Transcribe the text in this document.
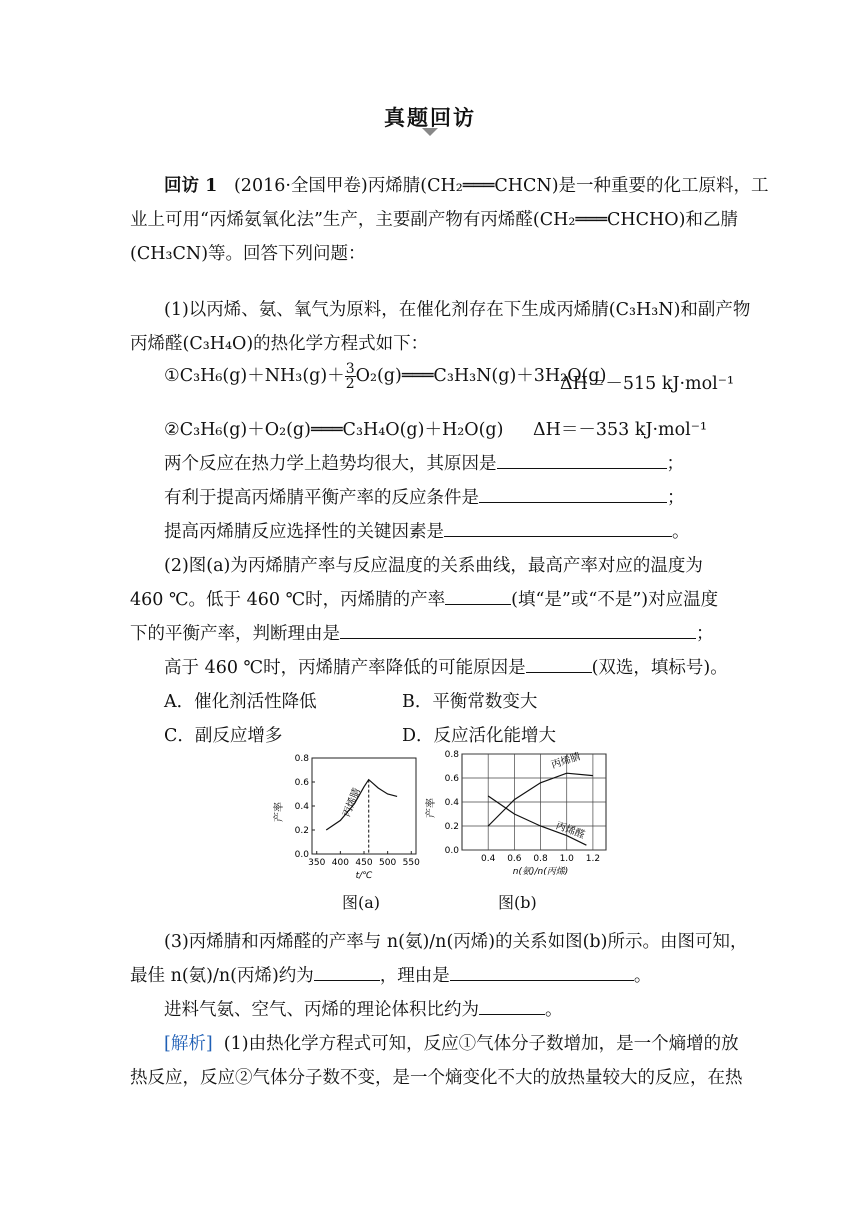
真题回访
回访 1 (2016·全国甲卷)丙烯腈(CH₂═══CHCN)是一种重要的化工原料，工
业上可用“丙烯氨氧化法”生产，主要副产物有丙烯醛(CH₂═══CHCHO)和乙腈
(CH₃CN)等。回答下列问题：
(1)以丙烯、氨、氧气为原料，在催化剂存在下生成丙烯腈(C₃H₃N)和副产物
丙烯醛(C₃H₄O)的热化学方程式如下：
①C₃H₆(g)＋NH₃(g)＋ $\frac{3}{2}$ O₂(g)═══C₃H₃N(g)＋3H₂O(g)
ΔH＝－515 kJ·mol⁻¹
②C₃H₆(g)＋O₂(g)═══C₃H₄O(g)＋H₂O(g) ΔH＝－353 kJ·mol⁻¹
两个反应在热力学上趋势均很大，其原因是	；
有利于提高丙烯腈平衡产率的反应条件是	；
提高丙烯腈反应选择性的关键因素是	。
(2)图(a)为丙烯腈产率与反应温度的关系曲线，最高产率对应的温度为
460 ℃。低于 460 ℃时，丙烯腈的产率	(填“是”或“不是”)对应温度
下的平衡产率，判断理由是	；
高于 460 ℃时，丙烯腈产率降低的可能原因是	(双选，填标号)。
A．催化剂活性降低	B．平衡常数变大
C．副反应增多	D．反应活化能增大
0.8
0.6
0.4
0.2
0.0
350 400 450 500 550
产率
t/℃
丙烯腈
0.8
0.6
0.4
0.2
0.0
0.4 0.6 0.8 1.0 1.2
产率
n(氨)/n(丙烯)
丙烯腈
丙烯醛
图(a)	图(b)
(3)丙烯腈和丙烯醛的产率与 n(氨)/n(丙烯)的关系如图(b)所示。由图可知，
最佳 n(氨)/n(丙烯)约为	，理由是	。
进料气氨、空气、丙烯的理论体积比约为	。
[解析] (1)由热化学方程式可知，反应①气体分子数增加，是一个熵增的放
热反应，反应②气体分子数不变，是一个熵变化不大的放热量较大的反应，在热
